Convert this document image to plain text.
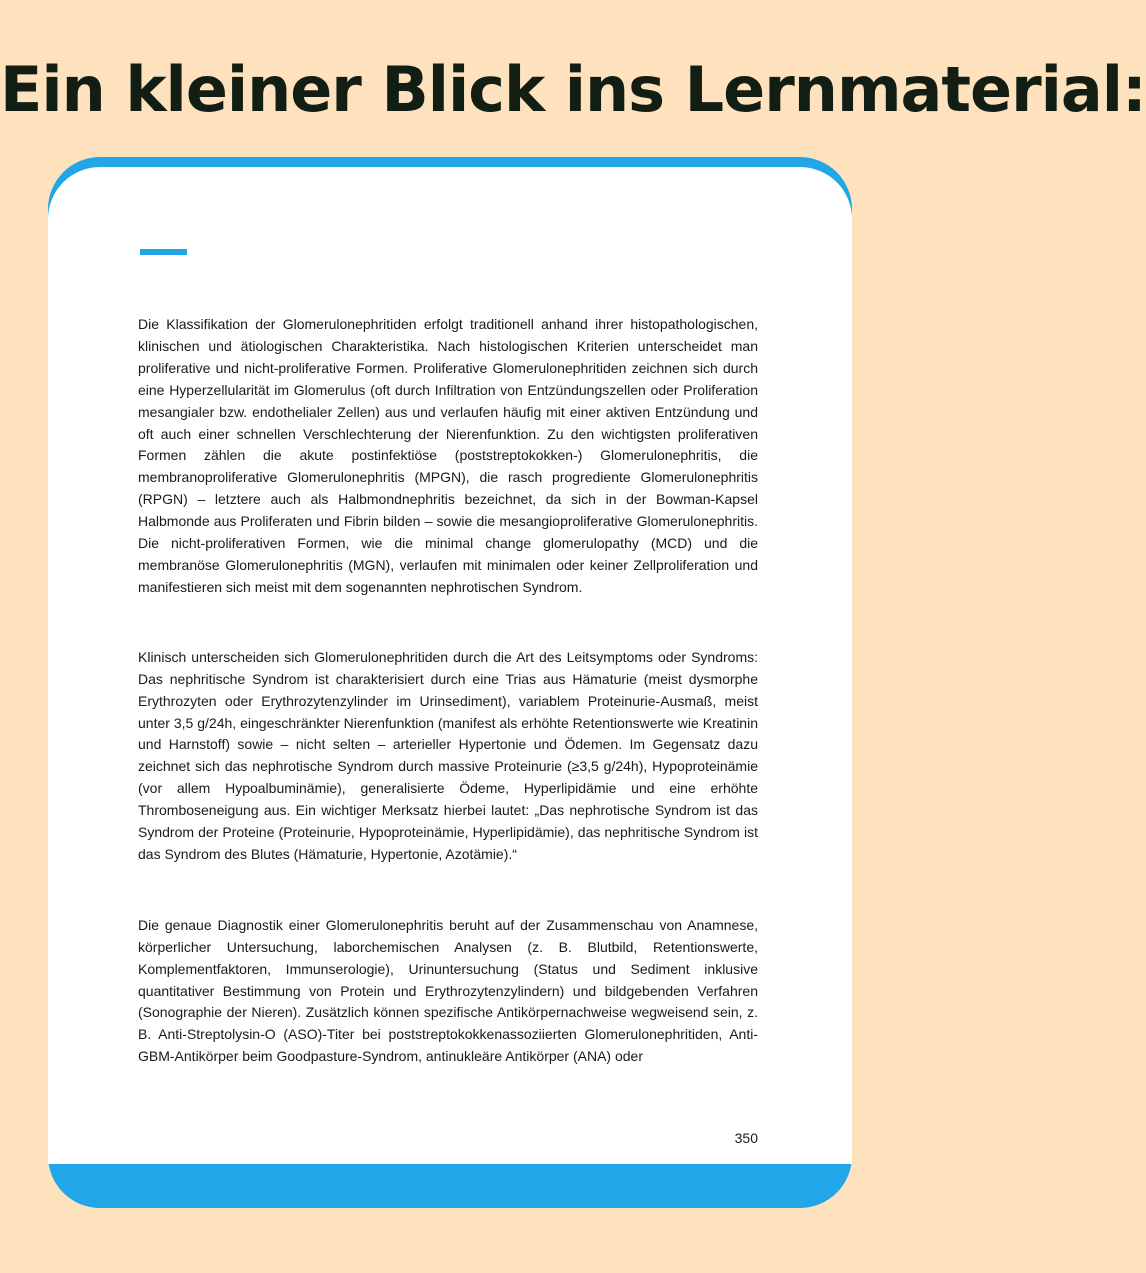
Ein kleiner Blick ins Lernmaterial:

Die Klassifikation der Glomerulonephritiden erfolgt traditionell anhand ihrer histopathologischen, klinischen und ätiologischen Charakteristika. Nach histologischen Kriterien unterscheidet man proliferative und nicht-proliferative Formen. Proliferative Glomerulonephritiden zeichnen sich durch eine Hyperzellularität im Glomerulus (oft durch Infiltration von Entzündungszellen oder Proliferation mesangialer bzw. endothelialer Zellen) aus und verlaufen häufig mit einer aktiven Entzündung und oft auch einer schnellen Verschlechterung der Nierenfunktion. Zu den wichtigsten proliferativen Formen zählen die akute postinfektiöse (poststreptokokken-) Glomerulonephritis, die membranoproliferative Glomerulonephritis (MPGN), die rasch progrediente Glomerulonephritis (RPGN) – letztere auch als Halbmondnephritis bezeichnet, da sich in der Bowman-Kapsel Halbmonde aus Proliferaten und Fibrin bilden – sowie die mesangioproliferative Glomerulonephritis. Die nicht-proliferativen Formen, wie die minimal change glomerulopathy (MCD) und die membranöse Glomerulonephritis (MGN), verlaufen mit minimalen oder keiner Zellproliferation und manifestieren sich meist mit dem sogenannten nephrotischen Syndrom.

Klinisch unterscheiden sich Glomerulonephritiden durch die Art des Leitsymptoms oder Syndroms: Das nephritische Syndrom ist charakterisiert durch eine Trias aus Hämaturie (meist dysmorphe Erythrozyten oder Erythrozytenzylinder im Urinsediment), variablem Proteinurie-Ausmaß, meist unter 3,5 g/24h, eingeschränkter Nierenfunktion (manifest als erhöhte Retentionswerte wie Kreatinin und Harnstoff) sowie – nicht selten – arterieller Hypertonie und Ödemen. Im Gegensatz dazu zeichnet sich das nephrotische Syndrom durch massive Proteinurie (≥3,5 g/24h), Hypoproteinämie (vor allem Hypoalbuminämie), generalisierte Ödeme, Hyperlipidämie und eine erhöhte Thromboseneigung aus. Ein wichtiger Merksatz hierbei lautet: „Das nephrotische Syndrom ist das Syndrom der Proteine (Proteinurie, Hypoproteinämie, Hyperlipidämie), das nephritische Syndrom ist das Syndrom des Blutes (Hämaturie, Hypertonie, Azotämie).“

Die genaue Diagnostik einer Glomerulonephritis beruht auf der Zusammenschau von Anamnese, körperlicher Untersuchung, laborchemischen Analysen (z. B. Blutbild, Retentionswerte, Komplementfaktoren, Immunserologie), Urinuntersuchung (Status und Sediment inklusive quantitativer Bestimmung von Protein und Erythrozytenzylindern) und bildgebenden Verfahren (Sonographie der Nieren). Zusätzlich können spezifische Antikörpernachweise wegweisend sein, z. B. Anti-Streptolysin-O (ASO)-Titer bei poststreptokokkenassoziierten Glomerulonephritiden, Anti-GBM-Antikörper beim Goodpasture-Syndrom, antinukleäre Antikörper (ANA) oder

350
